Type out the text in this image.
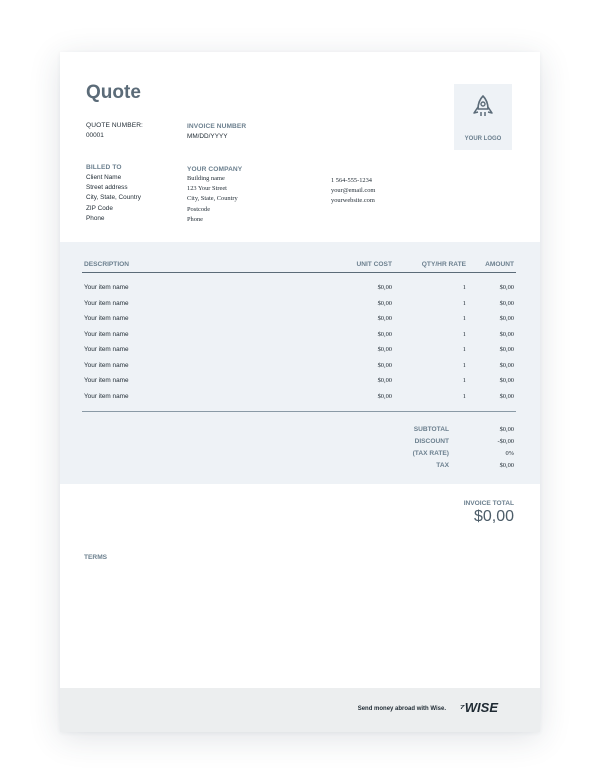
Quote
QUOTE NUMBER:
00001
INVOICE NUMBER
MM/DD/YYYY	YOUR LOGO
BILLED TO
Client Name
Street address
City, State, Country
ZIP Code
Phone
YOUR COMPANY
Building name
123 Your Street
City, State, Country
Postcode
Phone
1 564-555-1234
your@email.com
yourwebsite.com
DESCRIPTION	UNIT COST	QTY/HR RATE	AMOUNT
Your item name	$0,00	1	$0,00
Your item name	$0,00	1	$0,00
Your item name	$0,00	1	$0,00
Your item name	$0,00	1	$0,00
Your item name	$0,00	1	$0,00
Your item name	$0,00	1	$0,00
Your item name	$0,00	1	$0,00
Your item name	$0,00	1	$0,00
SUBTOTAL	$0,00
DISCOUNT	-$0,00
(TAX RATE)	0%
TAX	$0,00
INVOICE TOTAL
$0,00
TERMS
Send money abroad with Wise. ⁷WISE
